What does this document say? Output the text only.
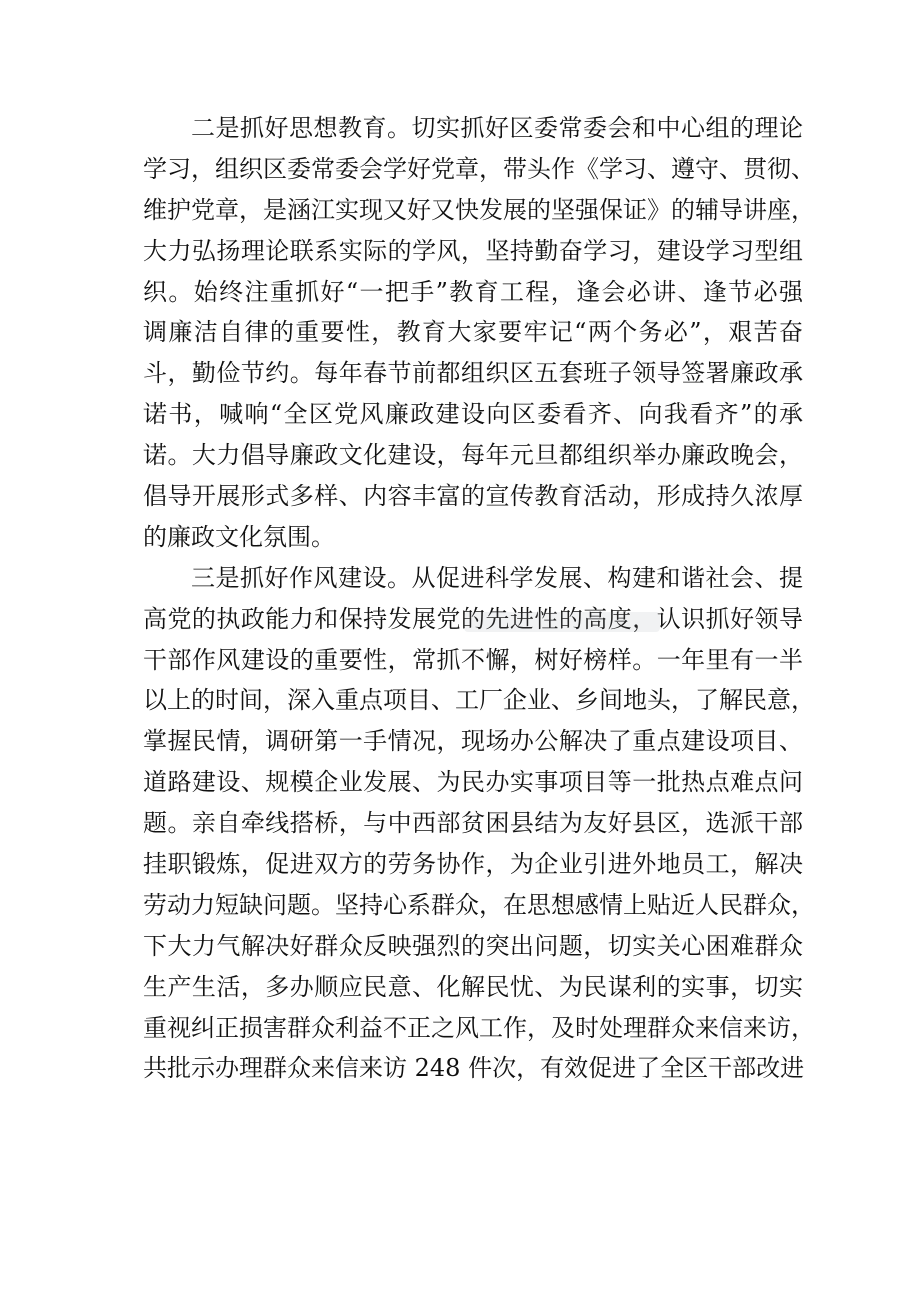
二是抓好思想教育。切实抓好区委常委会和中心组的理论
学习，组织区委常委会学好党章，带头作《学习、遵守、贯彻、
维护党章，是涵江实现又好又快发展的坚强保证》的辅导讲座，
大力弘扬理论联系实际的学风，坚持勤奋学习，建设学习型组
织。始终注重抓好“一把手”教育工程，逢会必讲、逢节必强
调廉洁自律的重要性，教育大家要牢记“两个务必”，艰苦奋
斗，勤俭节约。每年春节前都组织区五套班子领导签署廉政承
诺书，喊响“全区党风廉政建设向区委看齐、向我看齐”的承
诺。大力倡导廉政文化建设，每年元旦都组织举办廉政晚会，
倡导开展形式多样、内容丰富的宣传教育活动，形成持久浓厚
的廉政文化氛围。
三是抓好作风建设。从促进科学发展、构建和谐社会、提
高党的执政能力和保持发展党的先进性的高度，认识抓好领导
干部作风建设的重要性，常抓不懈，树好榜样。一年里有一半
以上的时间，深入重点项目、工厂企业、乡间地头，了解民意，
掌握民情，调研第一手情况，现场办公解决了重点建设项目、
道路建设、规模企业发展、为民办实事项目等一批热点难点问
题。亲自牵线搭桥，与中西部贫困县结为友好县区，选派干部
挂职锻炼，促进双方的劳务协作，为企业引进外地员工，解决
劳动力短缺问题。坚持心系群众，在思想感情上贴近人民群众，
下大力气解决好群众反映强烈的突出问题，切实关心困难群众
生产生活，多办顺应民意、化解民忧、为民谋利的实事，切实
重视纠正损害群众利益不正之风工作，及时处理群众来信来访，
共批示办理群众来信来访 248 件次，有效促进了全区干部改进
